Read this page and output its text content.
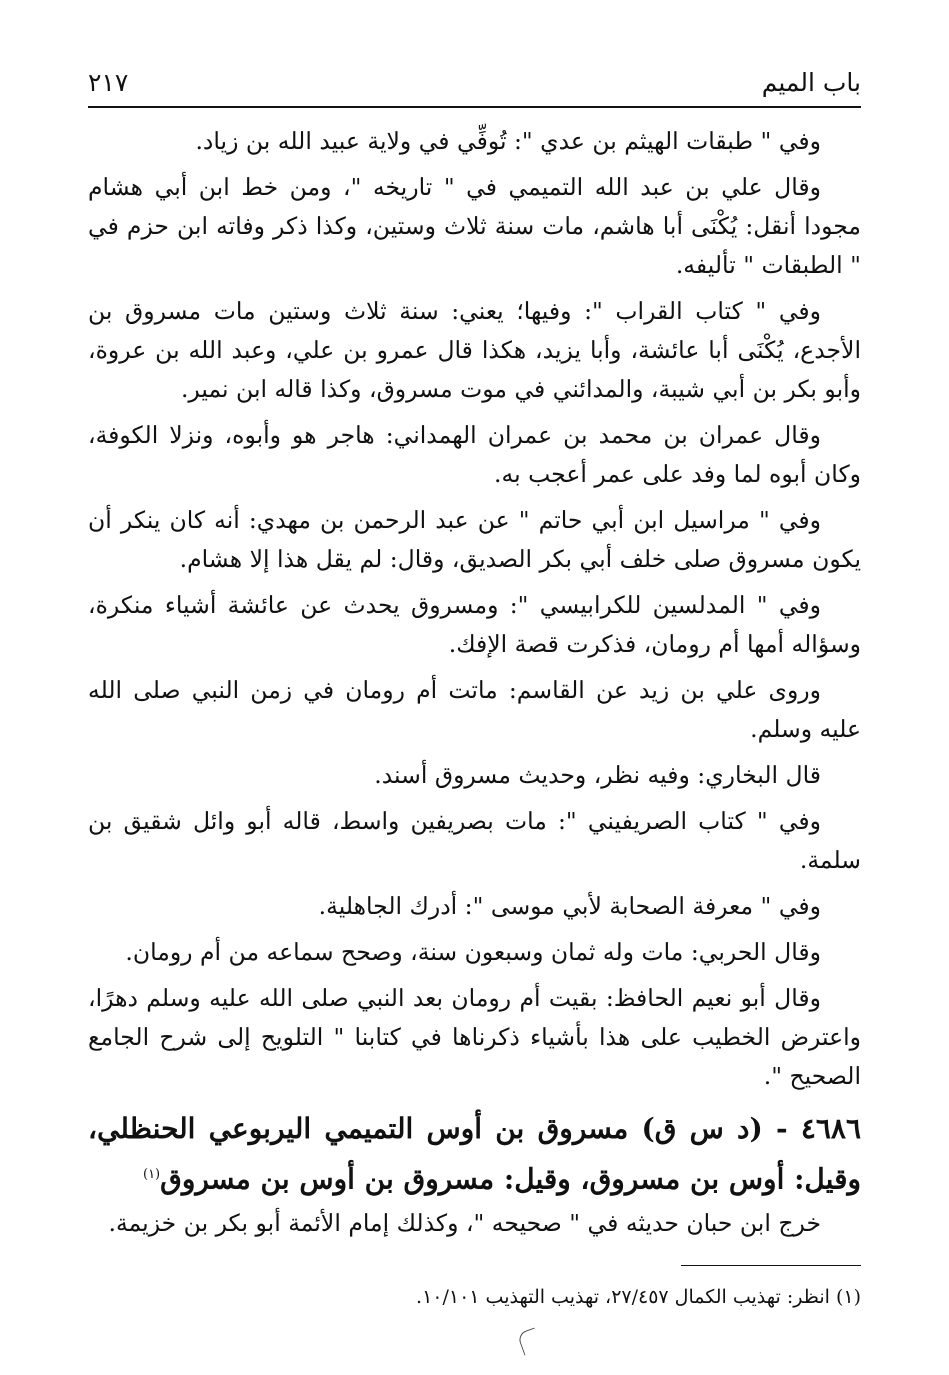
باب الميم
٢١٧

وفي " طبقات الهيثم بن عدي ": تُوفِّي في ولاية عبيد الله بن زياد.

وقال علي بن عبد الله التميمي في " تاريخه "، ومن خط ابن أبي هشام مجودا أنقل: يُكْنَى أبا هاشم، مات سنة ثلاث وستين، وكذا ذكر وفاته ابن حزم في " الطبقات " تأليفه.

وفي " كتاب القراب ": وفيها؛ يعني: سنة ثلاث وستين مات مسروق بن الأجدع، يُكْنَى أبا عائشة، وأبا يزيد، هكذا قال عمرو بن علي، وعبد الله بن عروة، وأبو بكر بن أبي شيبة، والمدائني في موت مسروق، وكذا قاله ابن نمير.

وقال عمران بن محمد بن عمران الهمداني: هاجر هو وأبوه، ونزلا الكوفة، وكان أبوه لما وفد على عمر أعجب به.

وفي " مراسيل ابن أبي حاتم " عن عبد الرحمن بن مهدي: أنه كان ينكر أن يكون مسروق صلى خلف أبي بكر الصديق، وقال: لم يقل هذا إلا هشام.

وفي " المدلسين للكرابيسي ": ومسروق يحدث عن عائشة أشياء منكرة، وسؤاله أمها أم رومان، فذكرت قصة الإفك.

وروى علي بن زيد عن القاسم: ماتت أم رومان في زمن النبي صلى الله عليه وسلم.

قال البخاري: وفيه نظر، وحديث مسروق أسند.

وفي " كتاب الصريفيني ": مات بصريفين واسط، قاله أبو وائل شقيق بن سلمة.

وفي " معرفة الصحابة لأبي موسى ": أدرك الجاهلية.

وقال الحربي: مات وله ثمان وسبعون سنة، وصحح سماعه من أم رومان.

وقال أبو نعيم الحافظ: بقيت أم رومان بعد النبي صلى الله عليه وسلم دهرًا، واعترض الخطيب على هذا بأشياء ذكرناها في كتابنا " التلويح إلى شرح الجامع الصحيح ".

٤٦٨٦ - (د س ق) مسروق بن أوس التميمي اليربوعي الحنظلي، وقيل: أوس بن مسروق، وقيل: مسروق بن أوس بن مسروق$^{(١)}$

خرج ابن حبان حديثه في " صحيحه "، وكذلك إمام الأئمة أبو بكر بن خزيمة.

(١) انظر: تهذيب الكمال ٢٧/٤٥٧، تهذيب التهذيب ١٠/١٠١.
